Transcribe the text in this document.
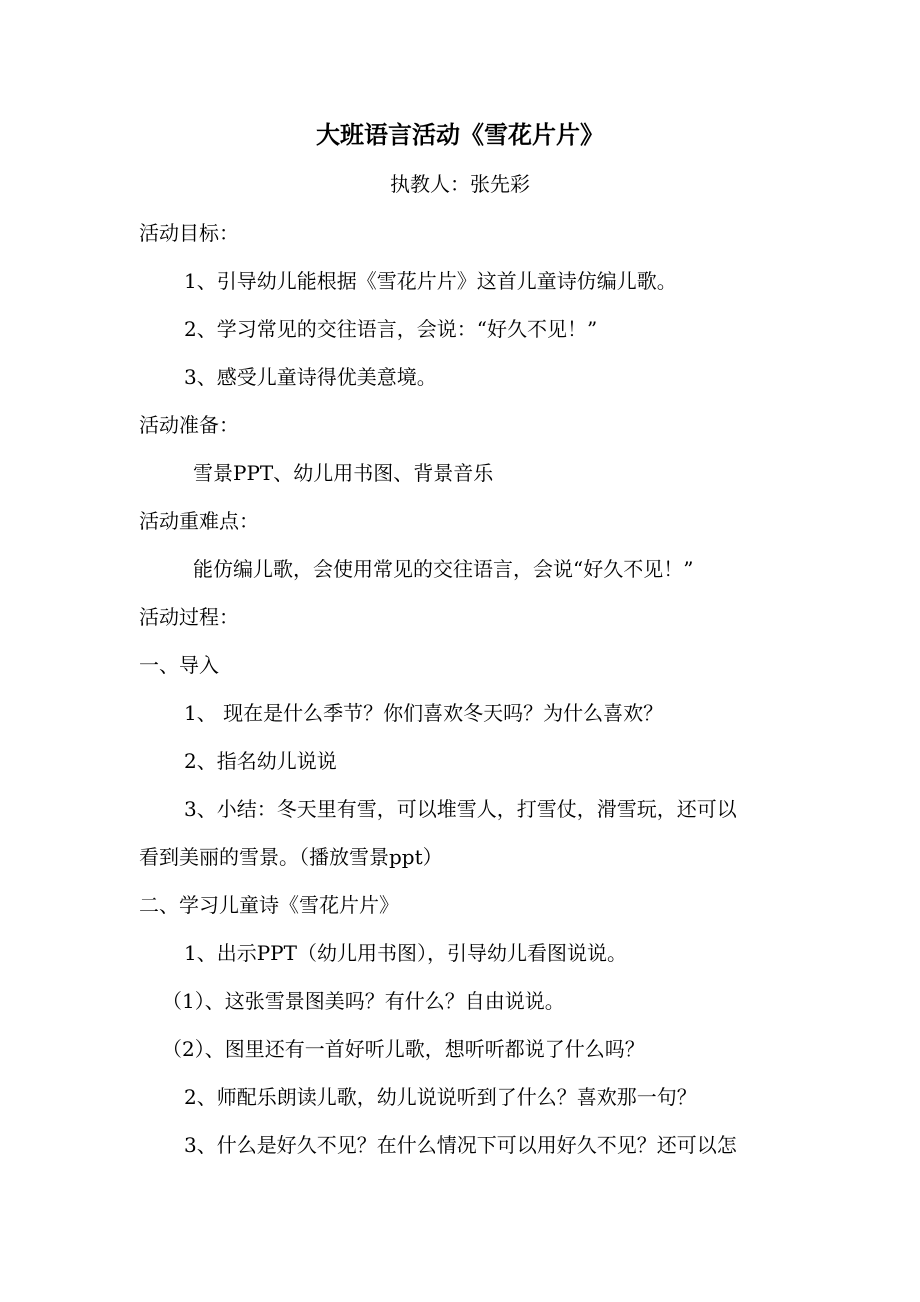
大班语言活动《雪花片片》
执教人：张先彩
活动目标：
1、引导幼儿能根据《雪花片片》这首儿童诗仿编儿歌。
2、学习常见的交往语言，会说：“好久不见！”
3、感受儿童诗得优美意境。
活动准备：
雪景PPT、幼儿用书图、背景音乐
活动重难点：
能仿编儿歌，会使用常见的交往语言，会说“好久不见！”
活动过程：
一、导入
1、 现在是什么季节？你们喜欢冬天吗？为什么喜欢？
2、指名幼儿说说
3、小结：冬天里有雪，可以堆雪人，打雪仗，滑雪玩，还可以
看到美丽的雪景。（播放雪景ppt）
二、学习儿童诗《雪花片片》
1、出示PPT（幼儿用书图），引导幼儿看图说说。
（1）、这张雪景图美吗？有什么？自由说说。
（2）、图里还有一首好听儿歌，想听听都说了什么吗？
2、师配乐朗读儿歌，幼儿说说听到了什么？喜欢那一句？
3、什么是好久不见？在什么情况下可以用好久不见？还可以怎
